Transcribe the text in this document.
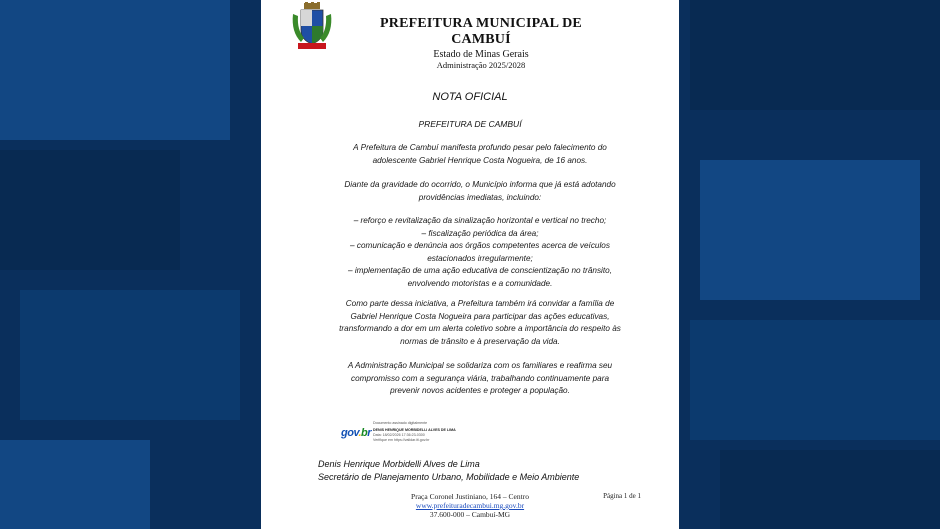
PREFEITURA MUNICIPAL DE CAMBUÍ
Estado de Minas Gerais
Administração 2025/2028
NOTA OFICIAL
PREFEITURA DE CAMBUÍ
A Prefeitura de Cambuí manifesta profundo pesar pelo falecimento do
adolescente Gabriel Henrique Costa Nogueira, de 16 anos.
Diante da gravidade do ocorrido, o Município informa que já está adotando
providências imediatas, incluindo:
– reforço e revitalização da sinalização horizontal e vertical no trecho;
– fiscalização periódica da área;
– comunicação e denúncia aos órgãos competentes acerca de veículos
estacionados irregularmente;
– implementação de uma ação educativa de conscientização no trânsito,
envolvendo motoristas e a comunidade.
Como parte dessa iniciativa, a Prefeitura também irá convidar a família de
Gabriel Henrique Costa Nogueira para participar das ações educativas,
transformando a dor em um alerta coletivo sobre a importância do respeito às
normas de trânsito e à preservação da vida.
A Administração Municipal se solidariza com os familiares e reafirma seu
compromisso com a segurança viária, trabalhando continuamente para
prevenir novos acidentes e proteger a população.
gov.br
Documento assinado digitalmente
DENIS HENRIQUE MORBIDELLI ALVES DE LIMA
Data: 18/02/2026 17:36:23-0300
Verifique em https://validar.iti.gov.br
Denis Henrique Morbidelli Alves de Lima
Secretário de Planejamento Urbano, Mobilidade e Meio Ambiente
Praça Coronel Justiniano, 164 – Centro
www.prefeituradecambui.mg.gov.br
37.600-000 – Cambuí-MG
Página 1 de 1
